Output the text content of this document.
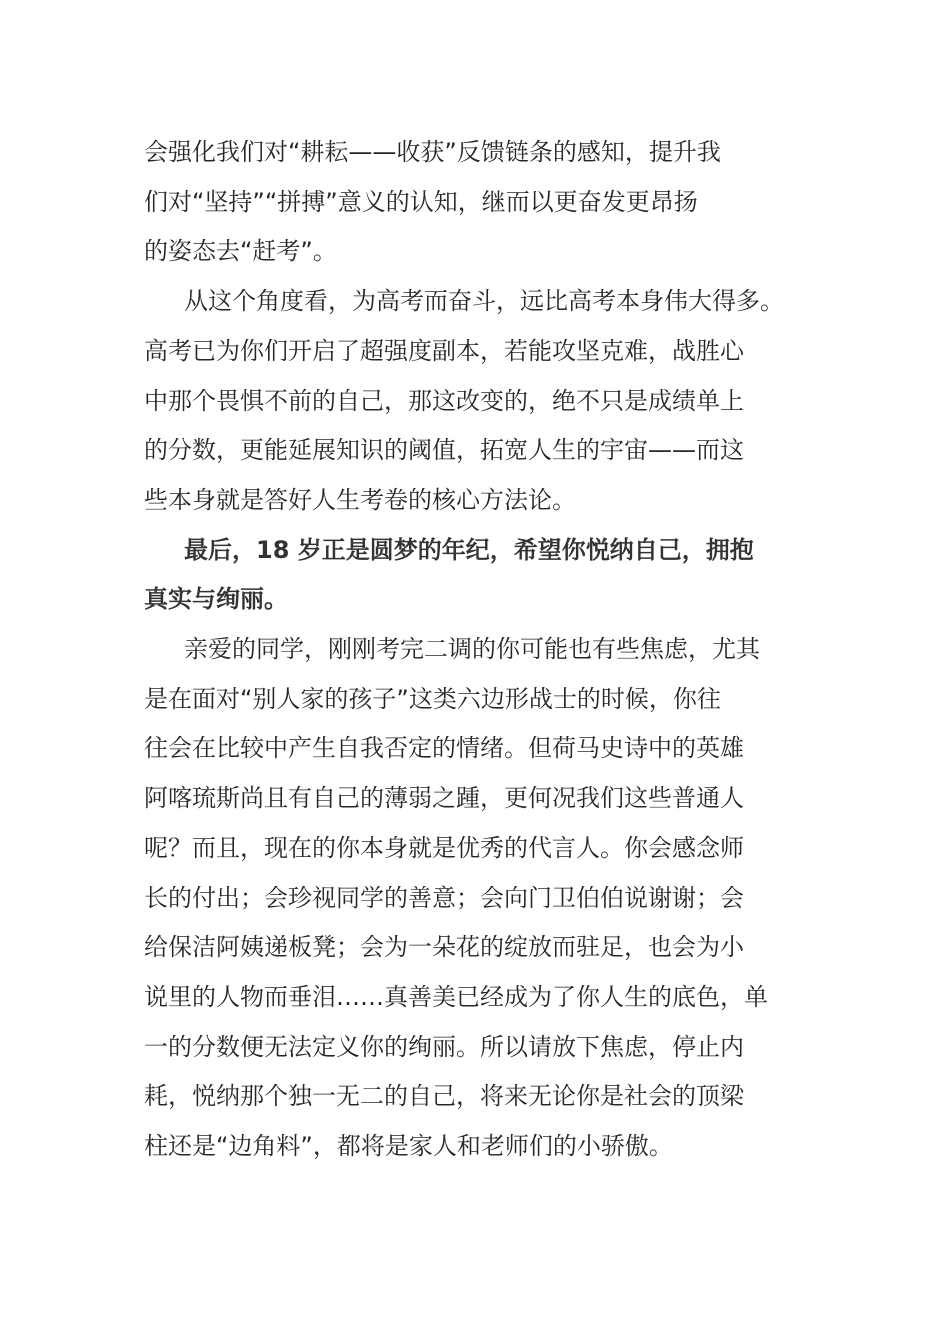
会强化我们对“耕耘——收获”反馈链条的感知，提升我
们对“坚持”“拼搏”意义的认知，继而以更奋发更昂扬
的姿态去“赶考”。

从这个角度看，为高考而奋斗，远比高考本身伟大得多。
高考已为你们开启了超强度副本，若能攻坚克难，战胜心
中那个畏惧不前的自己，那这改变的，绝不只是成绩单上
的分数，更能延展知识的阈值，拓宽人生的宇宙——而这
些本身就是答好人生考卷的核心方法论。

最后，18 岁正是圆梦的年纪，希望你悦纳自己，拥抱
真实与绚丽。

亲爱的同学，刚刚考完二调的你可能也有些焦虑，尤其
是在面对“别人家的孩子”这类六边形战士的时候，你往
往会在比较中产生自我否定的情绪。但荷马史诗中的英雄
阿喀琉斯尚且有自己的薄弱之踵，更何况我们这些普通人
呢？而且，现在的你本身就是优秀的代言人。你会感念师
长的付出；会珍视同学的善意；会向门卫伯伯说谢谢；会
给保洁阿姨递板凳；会为一朵花的绽放而驻足，也会为小
说里的人物而垂泪……真善美已经成为了你人生的底色，单
一的分数便无法定义你的绚丽。所以请放下焦虑，停止内
耗，悦纳那个独一无二的自己，将来无论你是社会的顶梁
柱还是“边角料”，都将是家人和老师们的小骄傲。
